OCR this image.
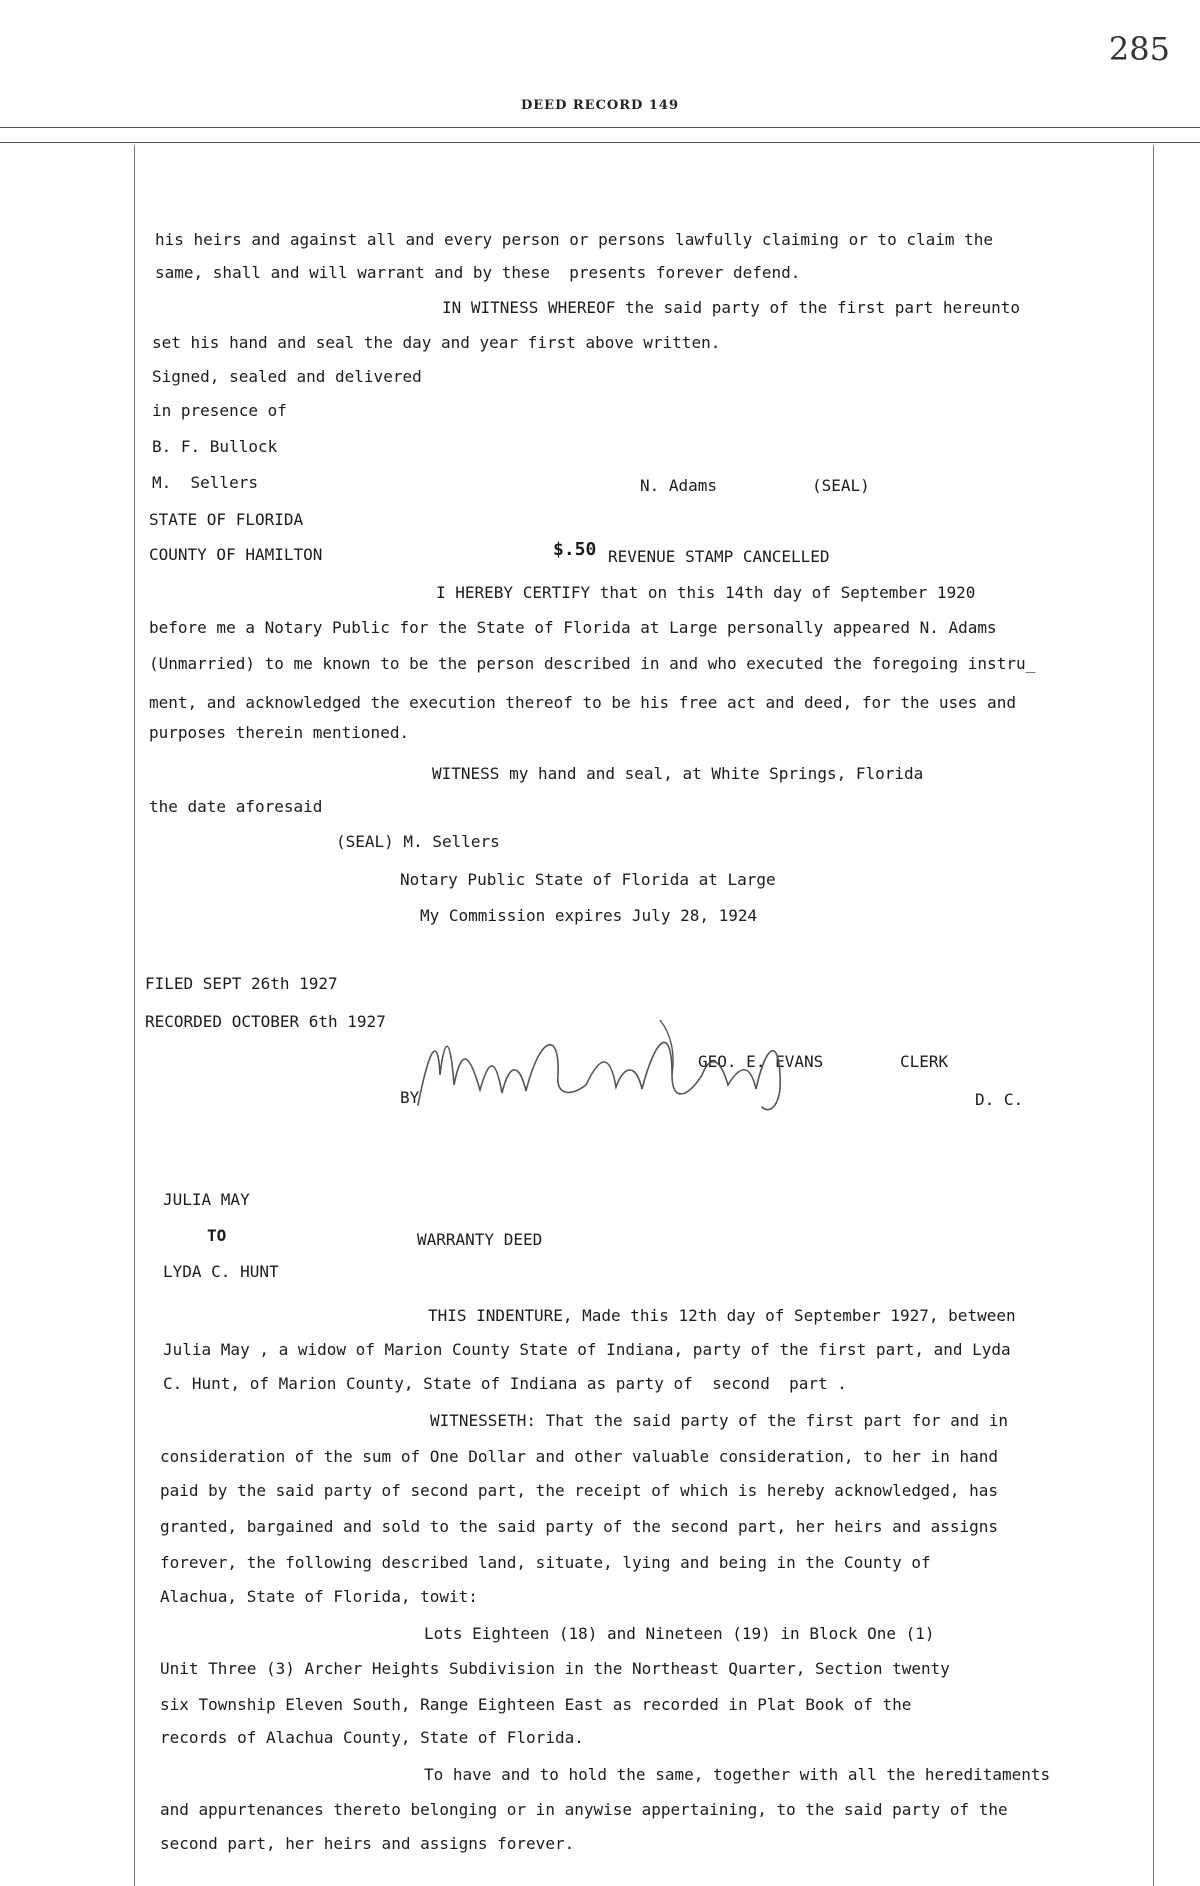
285
DEED RECORD 149
his heirs and against all and every person or persons lawfully claiming or to claim the
same, shall and will warrant and by these  presents forever defend.
IN WITNESS WHEREOF the said party of the first part hereunto
set his hand and seal the day and year first above written.
Signed, sealed and delivered
in presence of
B. F. Bullock
M.  Sellers	N. Adams	(SEAL)
STATE OF FLORIDA
COUNTY OF HAMILTON	$.50 REVENUE STAMP CANCELLED
I HEREBY CERTIFY that on this 14th day of September 1920
before me a Notary Public for the State of Florida at Large personally appeared N. Adams
(Unmarried) to me known to be the person described in and who executed the foregoing instru_
ment, and acknowledged the execution thereof to be his free act and deed, for the uses and
purposes therein mentioned.
WITNESS my hand and seal, at White Springs, Florida
the date aforesaid
(SEAL) M. Sellers
Notary Public State of Florida at Large
My Commission expires July 28, 1924
FILED SEPT 26th 1927
RECORDED OCTOBER 6th 1927
GEO. E. EVANS	CLERK
BY	D. C.
JULIA MAY
TO	WARRANTY DEED
LYDA C. HUNT
THIS INDENTURE, Made this 12th day of September 1927, between
Julia May , a widow of Marion County State of Indiana, party of the first part, and Lyda
C. Hunt, of Marion County, State of Indiana as party of  second  part .
WITNESSETH: That the said party of the first part for and in
consideration of the sum of One Dollar and other valuable consideration, to her in hand
paid by the said party of second part, the receipt of which is hereby acknowledged, has
granted, bargained and sold to the said party of the second part, her heirs and assigns
forever, the following described land, situate, lying and being in the County of
Alachua, State of Florida, towit:
Lots Eighteen (18) and Nineteen (19) in Block One (1)
Unit Three (3) Archer Heights Subdivision in the Northeast Quarter, Section twenty
six Township Eleven South, Range Eighteen East as recorded in Plat Book of the
records of Alachua County, State of Florida.
To have and to hold the same, together with all the hereditaments
and appurtenances thereto belonging or in anywise appertaining, to the said party of the
second part, her heirs and assigns forever.
